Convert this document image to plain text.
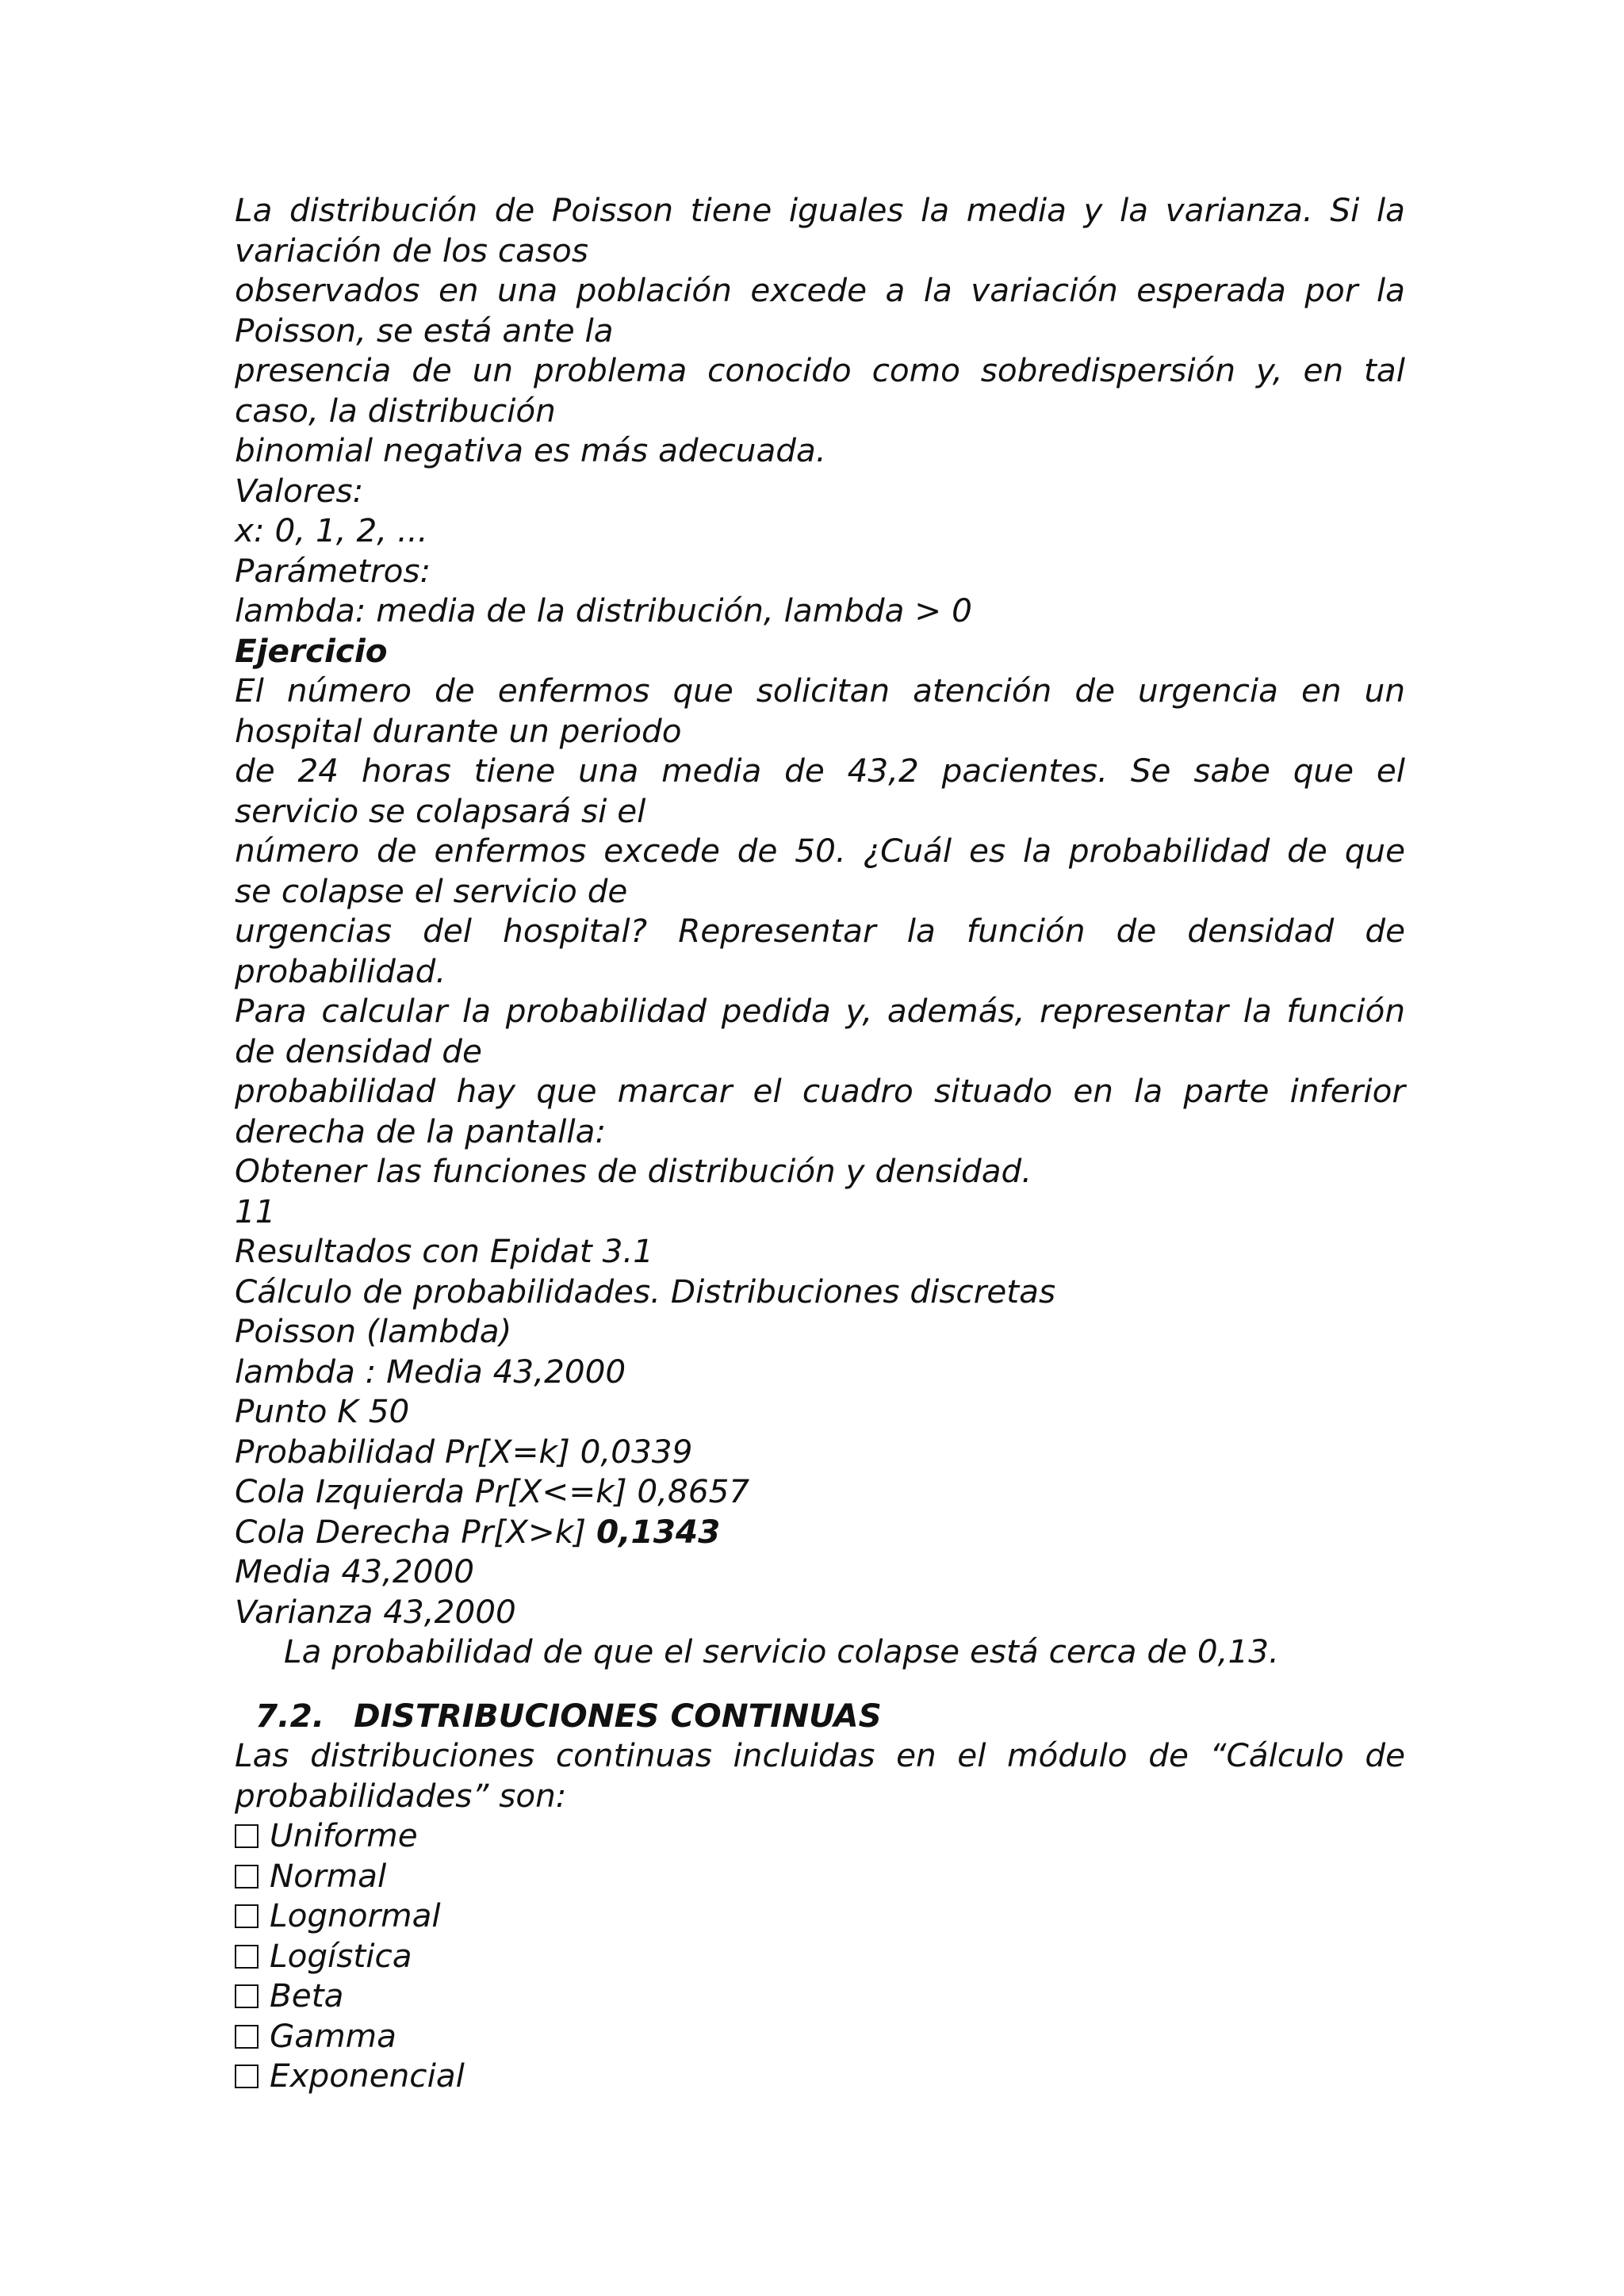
La distribución de Poisson tiene iguales la media y la varianza. Si la
variación de los casos
observados en una población excede a la variación esperada por la
Poisson, se está ante la
presencia de un problema conocido como sobredispersión y, en tal
caso, la distribución
binomial negativa es más adecuada.
Valores:
x: 0, 1, 2, ...
Parámetros:
lambda: media de la distribución, lambda > 0
Ejercicio
El número de enfermos que solicitan atención de urgencia en un
hospital durante un periodo
de 24 horas tiene una media de 43,2 pacientes. Se sabe que el
servicio se colapsará si el
número de enfermos excede de 50. ¿Cuál es la probabilidad de que
se colapse el servicio de
urgencias del hospital? Representar la función de densidad de
probabilidad.
Para calcular la probabilidad pedida y, además, representar la función
de densidad de
probabilidad hay que marcar el cuadro situado en la parte inferior
derecha de la pantalla:
Obtener las funciones de distribución y densidad.
11
Resultados con Epidat 3.1
Cálculo de probabilidades. Distribuciones discretas
Poisson (lambda)
lambda : Media 43,2000
Punto K 50
Probabilidad Pr[X=k] 0,0339
Cola Izquierda Pr[X<=k] 0,8657
Cola Derecha Pr[X>k] 0,1343
Media 43,2000
Varianza 43,2000
La probabilidad de que el servicio colapse está cerca de 0,13.
7.2. DISTRIBUCIONES CONTINUAS
Las distribuciones continuas incluidas en el módulo de “Cálculo de
probabilidades” son:
Uniforme
Normal
Lognormal
Logística
Beta
Gamma
Exponencial
